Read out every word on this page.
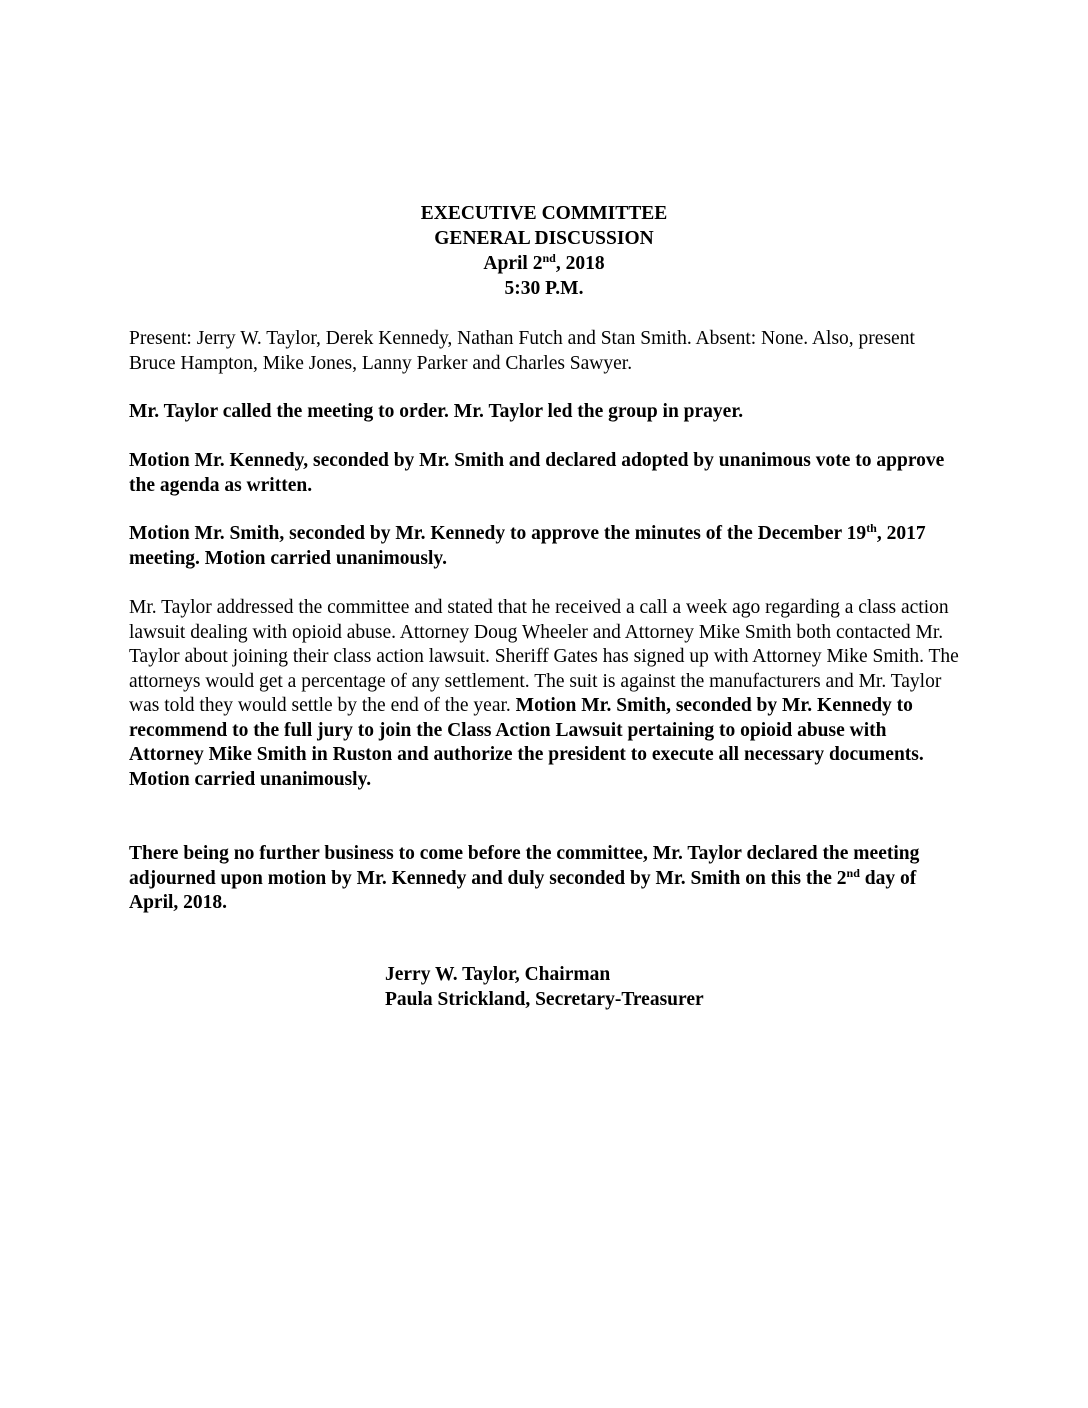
EXECUTIVE COMMITTEE
GENERAL DISCUSSION
April 2nd, 2018
5:30 P.M.

Present: Jerry W. Taylor, Derek Kennedy, Nathan Futch and Stan Smith. Absent: None. Also, present Bruce Hampton, Mike Jones, Lanny Parker and Charles Sawyer.

Mr. Taylor called the meeting to order. Mr. Taylor led the group in prayer.

Motion Mr. Kennedy, seconded by Mr. Smith and declared adopted by unanimous vote to approve the agenda as written.

Motion Mr. Smith, seconded by Mr. Kennedy to approve the minutes of the December 19th, 2017 meeting. Motion carried unanimously.

Mr. Taylor addressed the committee and stated that he received a call a week ago regarding a class action lawsuit dealing with opioid abuse. Attorney Doug Wheeler and Attorney Mike Smith both contacted Mr. Taylor about joining their class action lawsuit. Sheriff Gates has signed up with Attorney Mike Smith. The attorneys would get a percentage of any settlement. The suit is against the manufacturers and Mr. Taylor was told they would settle by the end of the year. Motion Mr. Smith, seconded by Mr. Kennedy to recommend to the full jury to join the Class Action Lawsuit pertaining to opioid abuse with Attorney Mike Smith in Ruston and authorize the president to execute all necessary documents. Motion carried unanimously.

There being no further business to come before the committee, Mr. Taylor declared the meeting adjourned upon motion by Mr. Kennedy and duly seconded by Mr. Smith on this the 2nd day of April, 2018.

Jerry W. Taylor, Chairman
Paula Strickland, Secretary-Treasurer
